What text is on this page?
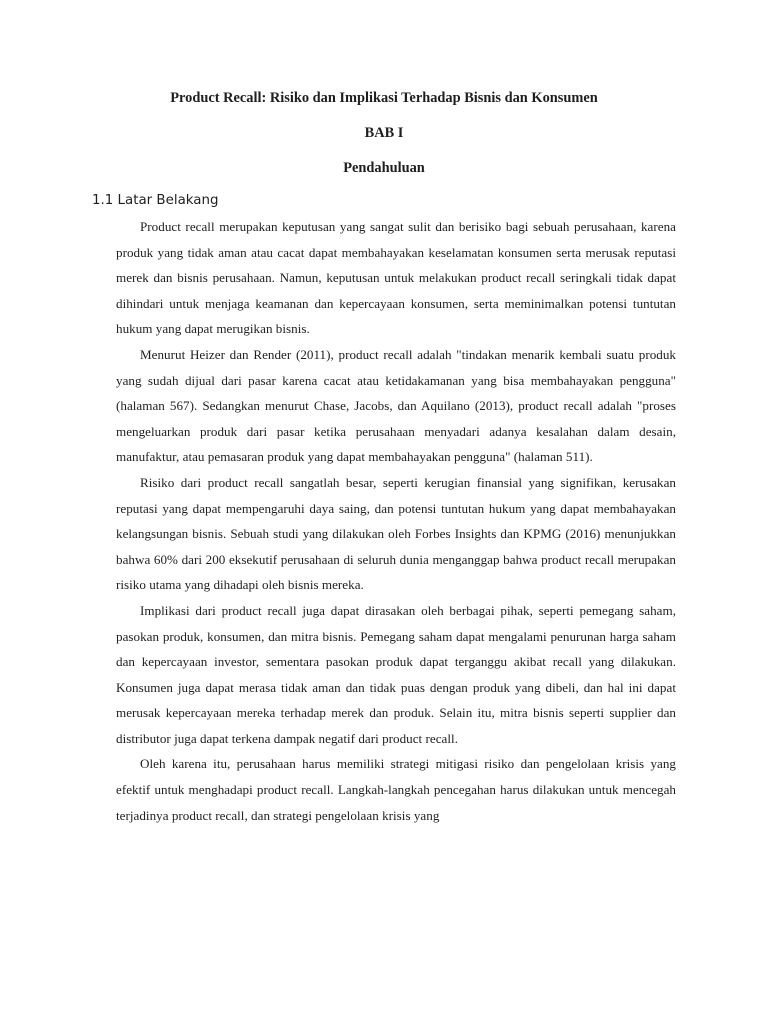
Product Recall: Risiko dan Implikasi Terhadap Bisnis dan Konsumen
BAB I
Pendahuluan
1.1 Latar Belakang

Product recall merupakan keputusan yang sangat sulit dan berisiko bagi sebuah perusahaan, karena produk yang tidak aman atau cacat dapat membahayakan keselamatan konsumen serta merusak reputasi merek dan bisnis perusahaan. Namun, keputusan untuk melakukan product recall seringkali tidak dapat dihindari untuk menjaga keamanan dan kepercayaan konsumen, serta meminimalkan potensi tuntutan hukum yang dapat merugikan bisnis.

Menurut Heizer dan Render (2011), product recall adalah "tindakan menarik kembali suatu produk yang sudah dijual dari pasar karena cacat atau ketidakamanan yang bisa membahayakan pengguna" (halaman 567). Sedangkan menurut Chase, Jacobs, dan Aquilano (2013), product recall adalah "proses mengeluarkan produk dari pasar ketika perusahaan menyadari adanya kesalahan dalam desain, manufaktur, atau pemasaran produk yang dapat membahayakan pengguna" (halaman 511).

Risiko dari product recall sangatlah besar, seperti kerugian finansial yang signifikan, kerusakan reputasi yang dapat mempengaruhi daya saing, dan potensi tuntutan hukum yang dapat membahayakan kelangsungan bisnis. Sebuah studi yang dilakukan oleh Forbes Insights dan KPMG (2016) menunjukkan bahwa 60% dari 200 eksekutif perusahaan di seluruh dunia menganggap bahwa product recall merupakan risiko utama yang dihadapi oleh bisnis mereka.

Implikasi dari product recall juga dapat dirasakan oleh berbagai pihak, seperti pemegang saham, pasokan produk, konsumen, dan mitra bisnis. Pemegang saham dapat mengalami penurunan harga saham dan kepercayaan investor, sementara pasokan produk dapat terganggu akibat recall yang dilakukan. Konsumen juga dapat merasa tidak aman dan tidak puas dengan produk yang dibeli, dan hal ini dapat merusak kepercayaan mereka terhadap merek dan produk. Selain itu, mitra bisnis seperti supplier dan distributor juga dapat terkena dampak negatif dari product recall.

Oleh karena itu, perusahaan harus memiliki strategi mitigasi risiko dan pengelolaan krisis yang efektif untuk menghadapi product recall. Langkah-langkah pencegahan harus dilakukan untuk mencegah terjadinya product recall, dan strategi pengelolaan krisis yang
